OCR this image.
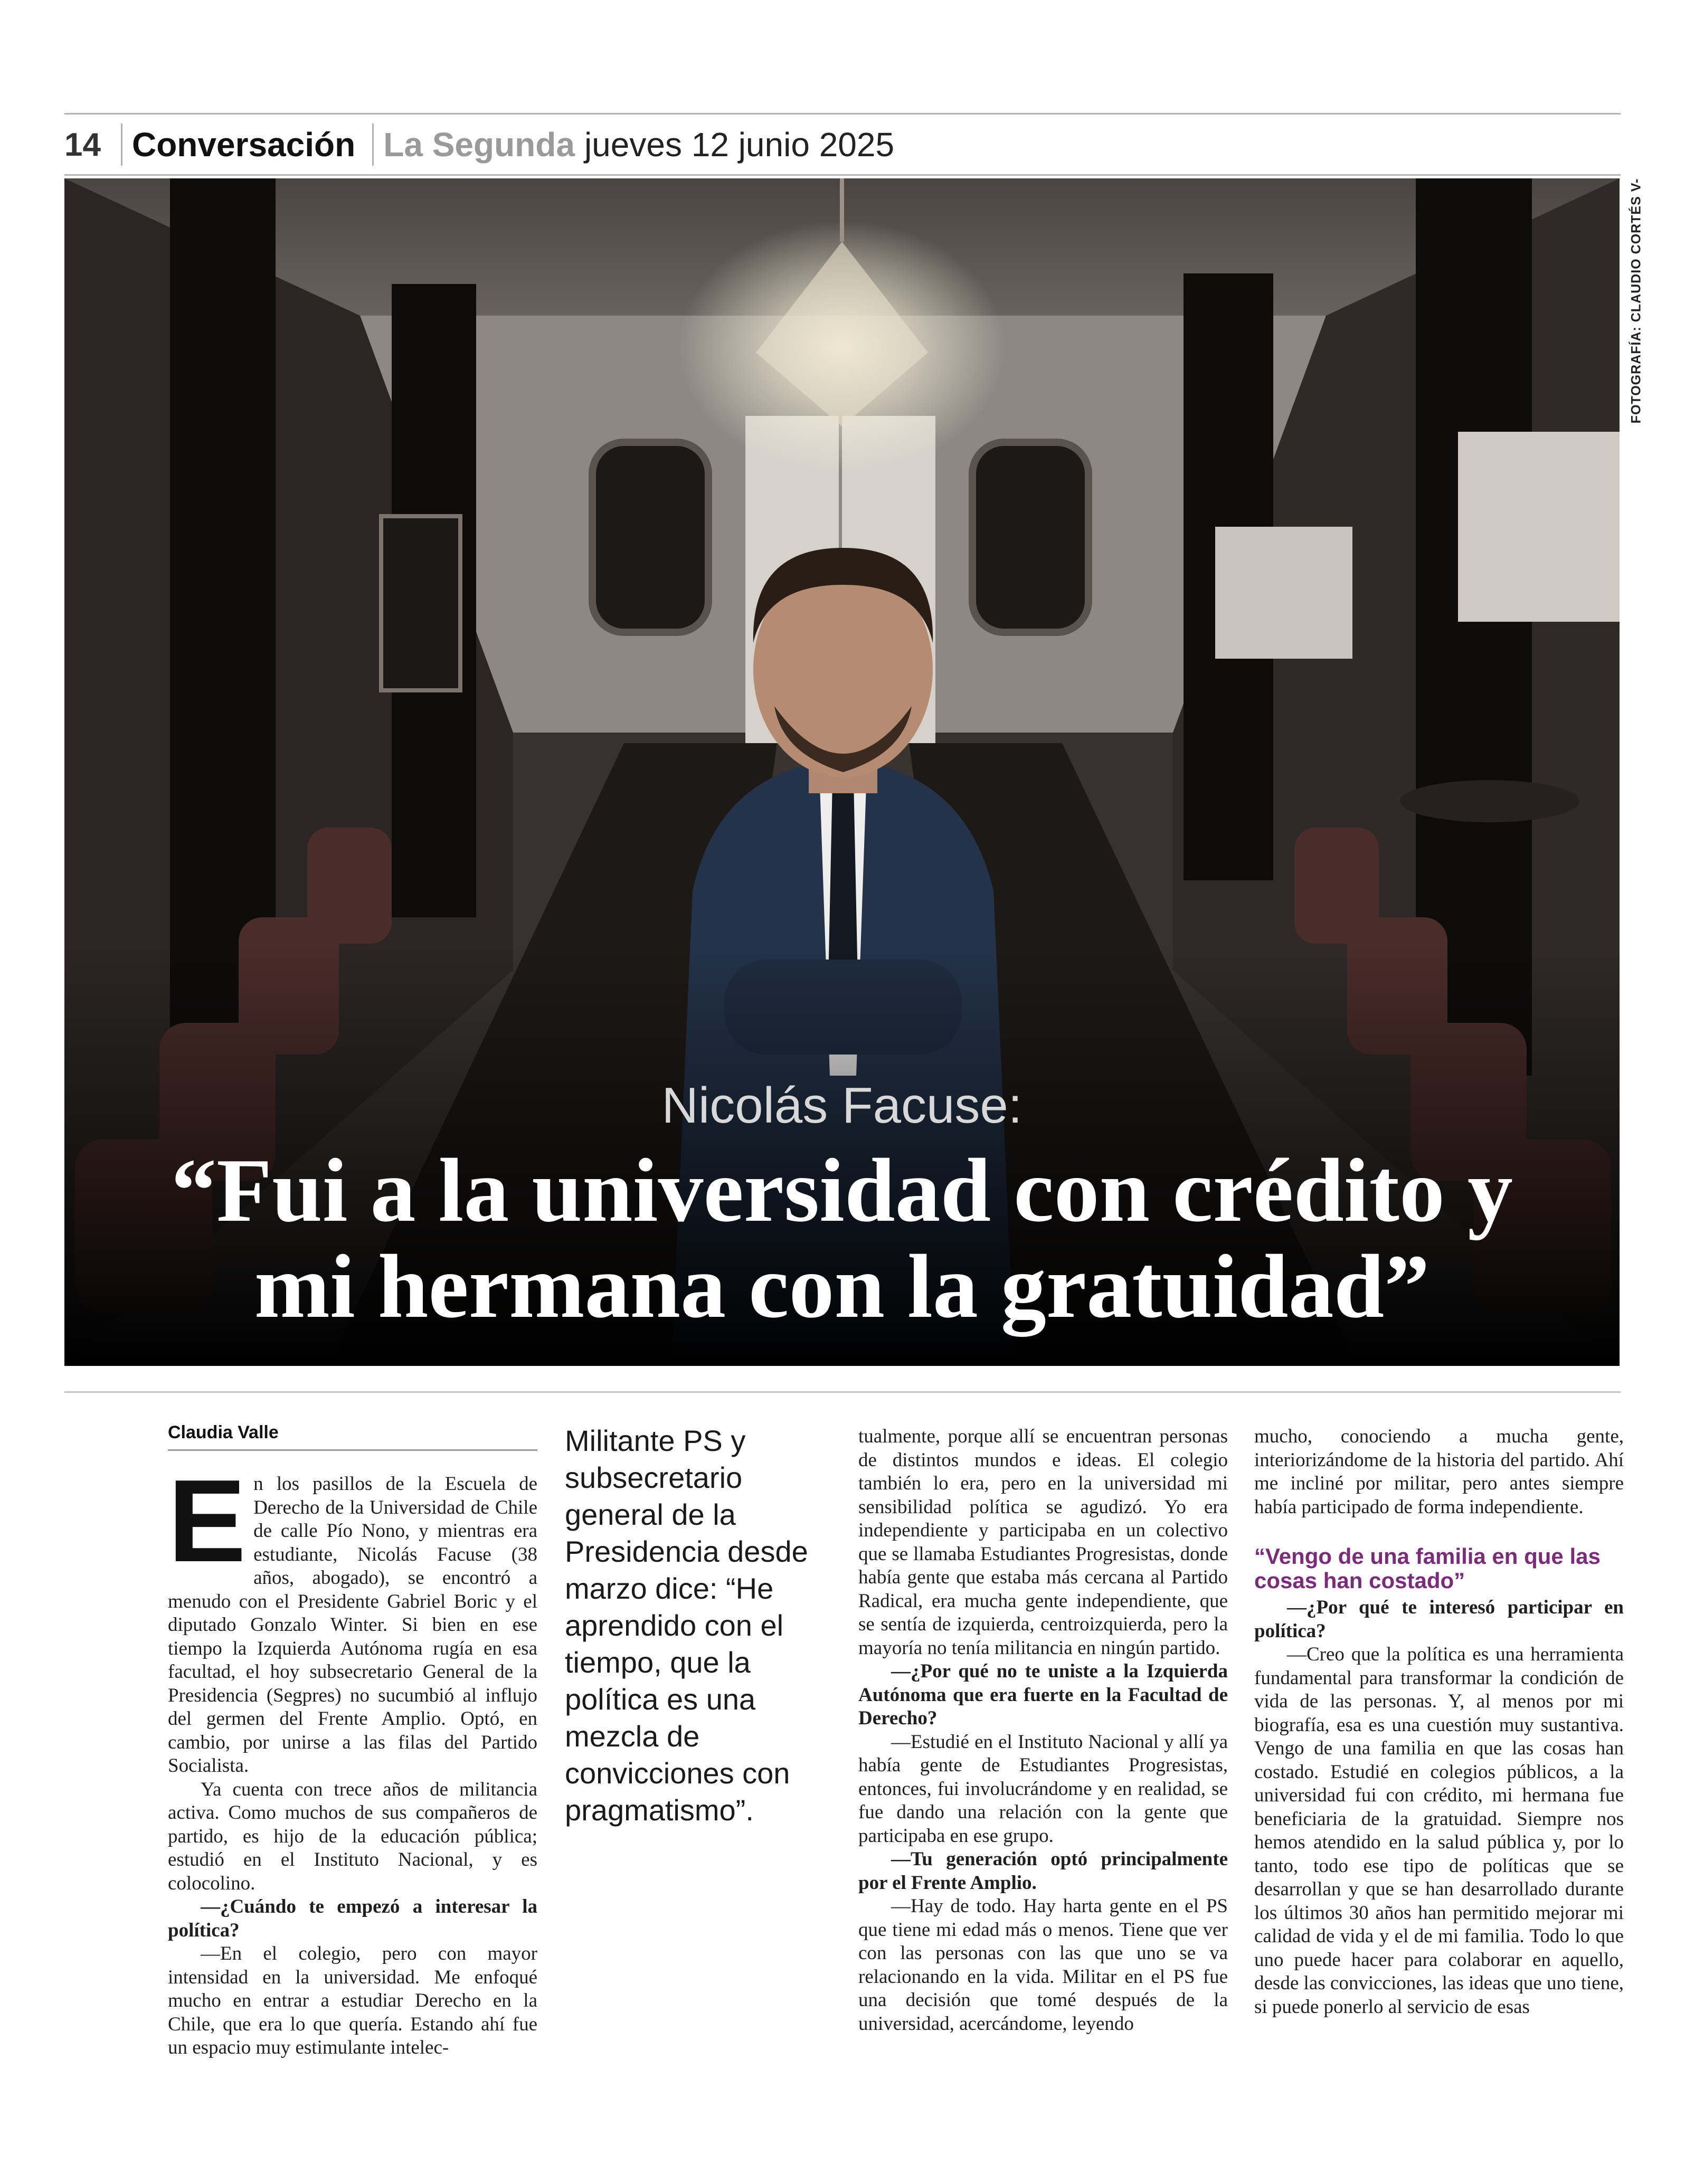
14 Conversación La Segunda jueves 12 junio 2025
Nicolás Facuse:
“Fui a la universidad con crédito y
mi hermana con la gratuidad”
FOTOGRAFÍA: CLAUDIO CORTÉS V-
Claudia Valle

En los pasillos de la Escuela de Derecho de la Universidad de Chile de calle Pío Nono, y mientras era estudiante, Nicolás Facuse (38 años, abogado), se encontró a menudo con el Presidente Gabriel Boric y el diputado Gonzalo Winter. Si bien en ese tiempo la Izquierda Autónoma rugía en esa facultad, el hoy subsecretario General de la Presidencia (Segpres) no sucumbió al influjo del germen del Frente Amplio. Optó, en cambio, por unirse a las filas del Partido Socialista.

Ya cuenta con trece años de militancia activa. Como muchos de sus compañeros de partido, es hijo de la educación pública; estudió en el Instituto Nacional, y es colocolino.

—¿Cuándo te empezó a interesar la política?

—En el colegio, pero con mayor intensidad en la universidad. Me enfoqué mucho en entrar a estudiar Derecho en la Chile, que era lo que quería. Estando ahí fue un espacio muy estimulante intelec-

Militante PS y subsecretario general de la Presidencia desde marzo dice: “He aprendido con el tiempo, que la política es una mezcla de convicciones con pragmatismo”.

tualmente, porque allí se encuentran personas de distintos mundos e ideas. El colegio también lo era, pero en la universidad mi sensibilidad política se agudizó. Yo era independiente y participaba en un colectivo que se llamaba Estudiantes Progresistas, donde había gente que estaba más cercana al Partido Radical, era mucha gente independiente, que se sentía de izquierda, centroizquierda, pero la mayoría no tenía militancia en ningún partido.

—¿Por qué no te uniste a la Izquierda Autónoma que era fuerte en la Facultad de Derecho?

—Estudié en el Instituto Nacional y allí ya había gente de Estudiantes Progresistas, entonces, fui involucrándome y en realidad, se fue dando una relación con la gente que participaba en ese grupo.

—Tu generación optó principalmente por el Frente Amplio.

—Hay de todo. Hay harta gente en el PS que tiene mi edad más o menos. Tiene que ver con las personas con las que uno se va relacionando en la vida. Militar en el PS fue una decisión que tomé después de la universidad, acercándome, leyendo

mucho, conociendo a mucha gente, interiorizándome de la historia del partido. Ahí me incliné por militar, pero antes siempre había participado de forma independiente.

“Vengo de una familia en que las cosas han costado”

—¿Por qué te interesó participar en política?

—Creo que la política es una herramienta fundamental para transformar la condición de vida de las personas. Y, al menos por mi biografía, esa es una cuestión muy sustantiva. Vengo de una familia en que las cosas han costado. Estudié en colegios públicos, a la universidad fui con crédito, mi hermana fue beneficiaria de la gratuidad. Siempre nos hemos atendido en la salud pública y, por lo tanto, todo ese tipo de políticas que se desarrollan y que se han desarrollado durante los últimos 30 años han permitido mejorar mi calidad de vida y el de mi familia. Todo lo que uno puede hacer para colaborar en aquello, desde las convicciones, las ideas que uno tiene, si puede ponerlo al servicio de esas
